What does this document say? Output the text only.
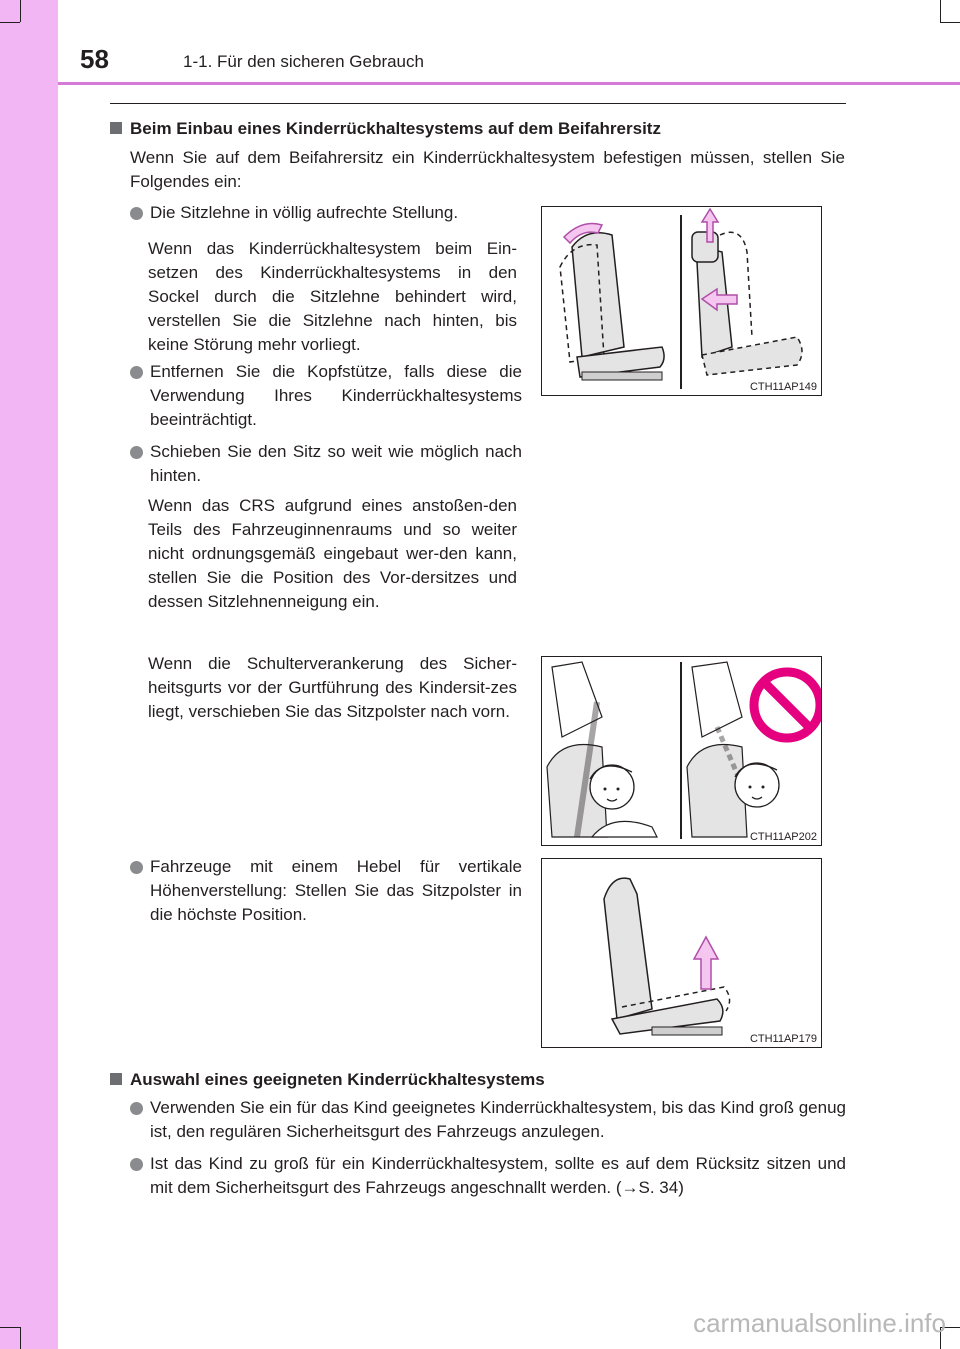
58	1-1. Für den sicheren Gebrauch
Beim Einbau eines Kinderrückhaltesystems auf dem Beifahrersitz
Wenn Sie auf dem Beifahrersitz ein Kinderrückhaltesystem befestigen müssen, stellen Sie Folgendes ein:
Die Sitzlehne in völlig aufrechte Stellung.
Wenn das Kinderrückhaltesystem beim Ein-setzen des Kinderrückhaltesystems in den Sockel durch die Sitzlehne behindert wird, verstellen Sie die Sitzlehne nach hinten, bis keine Störung mehr vorliegt.
Entfernen Sie die Kopfstütze, falls diese die Verwendung Ihres Kinderrückhaltesystems beeinträchtigt.
Schieben Sie den Sitz so weit wie möglich nach hinten.
Wenn das CRS aufgrund eines anstoßen-den Teils des Fahrzeuginnenraums und so weiter nicht ordnungsgemäß eingebaut wer-den kann, stellen Sie die Position des Vor-dersitzes und dessen Sitzlehnenneigung ein.
Wenn die Schulterverankerung des Sicher-heitsgurts vor der Gurtführung des Kindersit-zes liegt, verschieben Sie das Sitzpolster nach vorn.
Fahrzeuge mit einem Hebel für vertikale Höhenverstellung: Stellen Sie das Sitzpolster in die höchste Position.
CTH11AP149
CTH11AP202
CTH11AP179
Auswahl eines geeigneten Kinderrückhaltesystems
Verwenden Sie ein für das Kind geeignetes Kinderrückhaltesystem, bis das Kind groß genug ist, den regulären Sicherheitsgurt des Fahrzeugs anzulegen.
Ist das Kind zu groß für ein Kinderrückhaltesystem, sollte es auf dem Rücksitz sitzen und mit dem Sicherheitsgurt des Fahrzeugs angeschnallt werden. (→S. 34)
carmanualsonline.info
